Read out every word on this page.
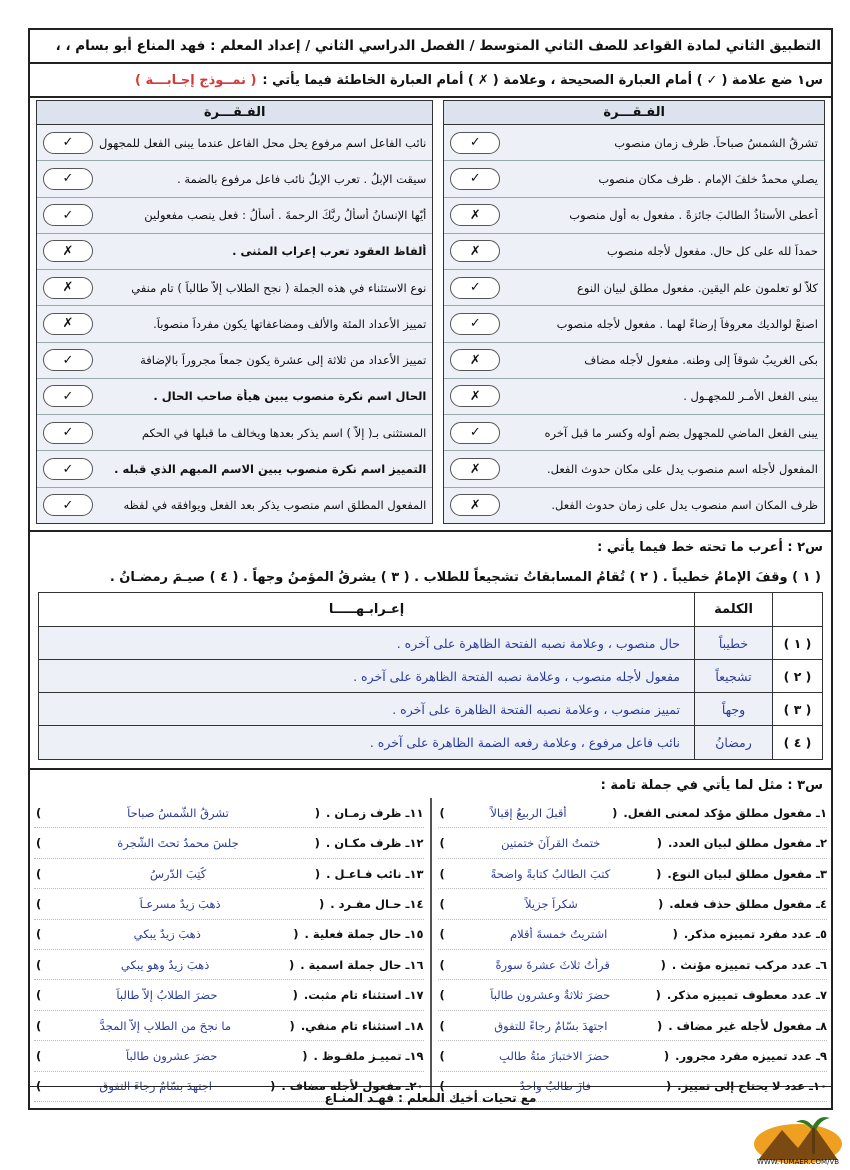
التطبيق الثاني لمادة القواعد للصف الثاني المتوسط / الفصل الدراسي الثاني / إعداد المعلم : فهد المناع أبو بسام ، ،
س١ ضع علامة (
✓
) أمام العبارة الصحيحة ، وعلامة (
✗
) أمام العبارة الخاطئة فيما يأتي :
( نمــوذج إجـابـــة )
الفـقـــرة
تشرقُ الشمسُ صباحاً. ظرف زمان منصوب
✓
يصلي محمدٌ خلفَ الإمام . ظرف مكان منصوب
✓
أعطى الأستاذُ الطالبَ جائزةً . مفعول به أول منصوب
✗
حمداً لله على كل حال. مفعول لأجله منصوب
✗
كلاّ لو تعلمون علم اليقين. مفعول مطلق لبيان النوع
✓
اصنعْ لوالديك معروفاً إرضاءً لهما . مفعول لأجله منصوب
✓
بكى الغريبُ شوقاً إلى وطنه. مفعول لأجله مضاف
✗
يبنى الفعل الأمـر للمجهـول .
✗
يبنى الفعل الماضي للمجهول بضم أوله وكسر ما قبل آخره
✓
المفعول لأجله اسم منصوب يدل على مكان حدوث الفعل.
✗
ظرف المكان اسم منصوب يدل على زمان حدوث الفعل.
✗
الفـقـــرة
نائب الفاعل اسم مرفوع يحل محل الفاعل عندما يبنى الفعل للمجهول
✓
سيقت الإبلُ . تعرب الإبلُ نائب فاعل مرفوع بالضمة .
✓
أيّها الإنسانُ أسألُ ربَّكَ الرحمةَ . أسألُ : فعل ينصب مفعولين
✓
ألفاظ العقود تعرب إعراب المثنى .
✗
نوع الاستثناء في هذه الجملة ( نجح الطلاب إلاّ طالباً ) تام منفي
✗
تمييز الأعداد المئة والألف ومضاعفاتها يكون مفرداً منصوباً.
✗
تمييز الأعداد من ثلاثة إلى عشرة يكون جمعاً مجروراً بالإضافة
✓
الحال اسم نكرة منصوب يبين هيأة صاحب الحال .
✓
المستثنى بـ( إلاّ ) اسم يذكر بعدها ويخالف ما قبلها في الحكم
✓
التمييز اسم نكرة منصوب يبين الاسم المبهم الذي قبله .
✓
المفعول المطلق اسم منصوب يذكر بعد الفعل ويوافقه في لفظه
✓
س٢ : أعرب ما تحته خط فيما يأتي :
( ١ ) وقفَ الإمامُ خطيباً . ( ٢ ) تُقامُ المسابقاتُ تشجيعاً للطلاب . ( ٣ ) يشرقُ المؤمنُ وجهاً . ( ٤ ) صيـمَ رمضـانُ .
الكلمة
إعـرابـهـــــا
( ١ )
خطيباً
حال منصوب ، وعلامة نصبه الفتحة الظاهرة على آخره .
( ٢ )
تشجيعاً
مفعول لأجله منصوب ، وعلامة نصبه الفتحة الظاهرة على آخره .
( ٣ )
وجهاً
تمييز منصوب ، وعلامة نصبه الفتحة الظاهرة على آخره .
( ٤ )
رمضانُ
نائب فاعل مرفوع ، وعلامة رفعه الضمة الظاهرة على آخره .
س٣ : مثل لما يأتي في جملة تامة :
١ـ مفعول مطلق مؤكد لمعنى الفعل.
(
أقبلَ الربيعُ إقبالاً
)
٢ـ مفعول مطلق لبيان العدد.
(
ختمتُ القرآنَ ختمتين
)
٣ـ مفعول مطلق لبيان النوع.
(
كتبَ الطالبُ كتابةً واضحةً
)
٤ـ مفعول مطلق حذف فعله.
(
شكراً جزيلاً
)
٥ـ عدد مفرد تمييزه مذكر.
(
اشتريتُ خمسةَ أقلامٍ
)
٦ـ عدد مركب تمييزه مؤنث .
(
قرأتُ ثلاثَ عشرةَ سورةً
)
٧ـ عدد معطوف تمييزه مذكر.
(
حضرَ ثلاثةٌ وعشرون طالباً
)
٨ـ مفعول لأجله غير مضاف .
(
اجتهدَ بسّامٌ رجاءً للتفوق
)
٩ـ عدد تمييزه مفرد مجرور.
(
حضرَ الاختبارَ مئةُ طالبٍ
)
١٠ـ عدد لا يحتاج إلى تمييز.
(
فازَ طالبٌ واحدٌ
)
١١ـ ظرف زمـان .
(
تشرقُ الشّمسُ صباحاً
)
١٢ـ ظرف مكـان .
(
جلسَ محمدٌ تحتَ الشّجرة
)
١٣ـ نائب فـاعـل .
(
كُتِبَ الدّرسُ
)
١٤ـ حـال مفـرد .
(
ذهبَ زيدٌ مسرعـاً
)
١٥ـ حال جملة فعلية .
(
ذهبَ زيدٌ يبكي
)
١٦ـ حال جملة اسمية .
(
ذهبَ زيدٌ وهو يبكي
)
١٧ـ استثناء تام مثبت.
(
حضرَ الطلابُ إلاّ طالباً
)
١٨ـ استثناء تام منفي.
(
ما نجحَ من الطلابِ إلاّ المجدُّ
)
١٩ـ تمييـز ملفـوظ .
(
حضرَ عشرون طالباً
)
٢٠ـ مفعول لأجله مضاف .
(
اجتهدَ بسّامٌ رجاءَ التفوقِ
)
مع تحيات أخيك المعلم : فهـد المنـاع
WWW.TUMAER.COM/VB
